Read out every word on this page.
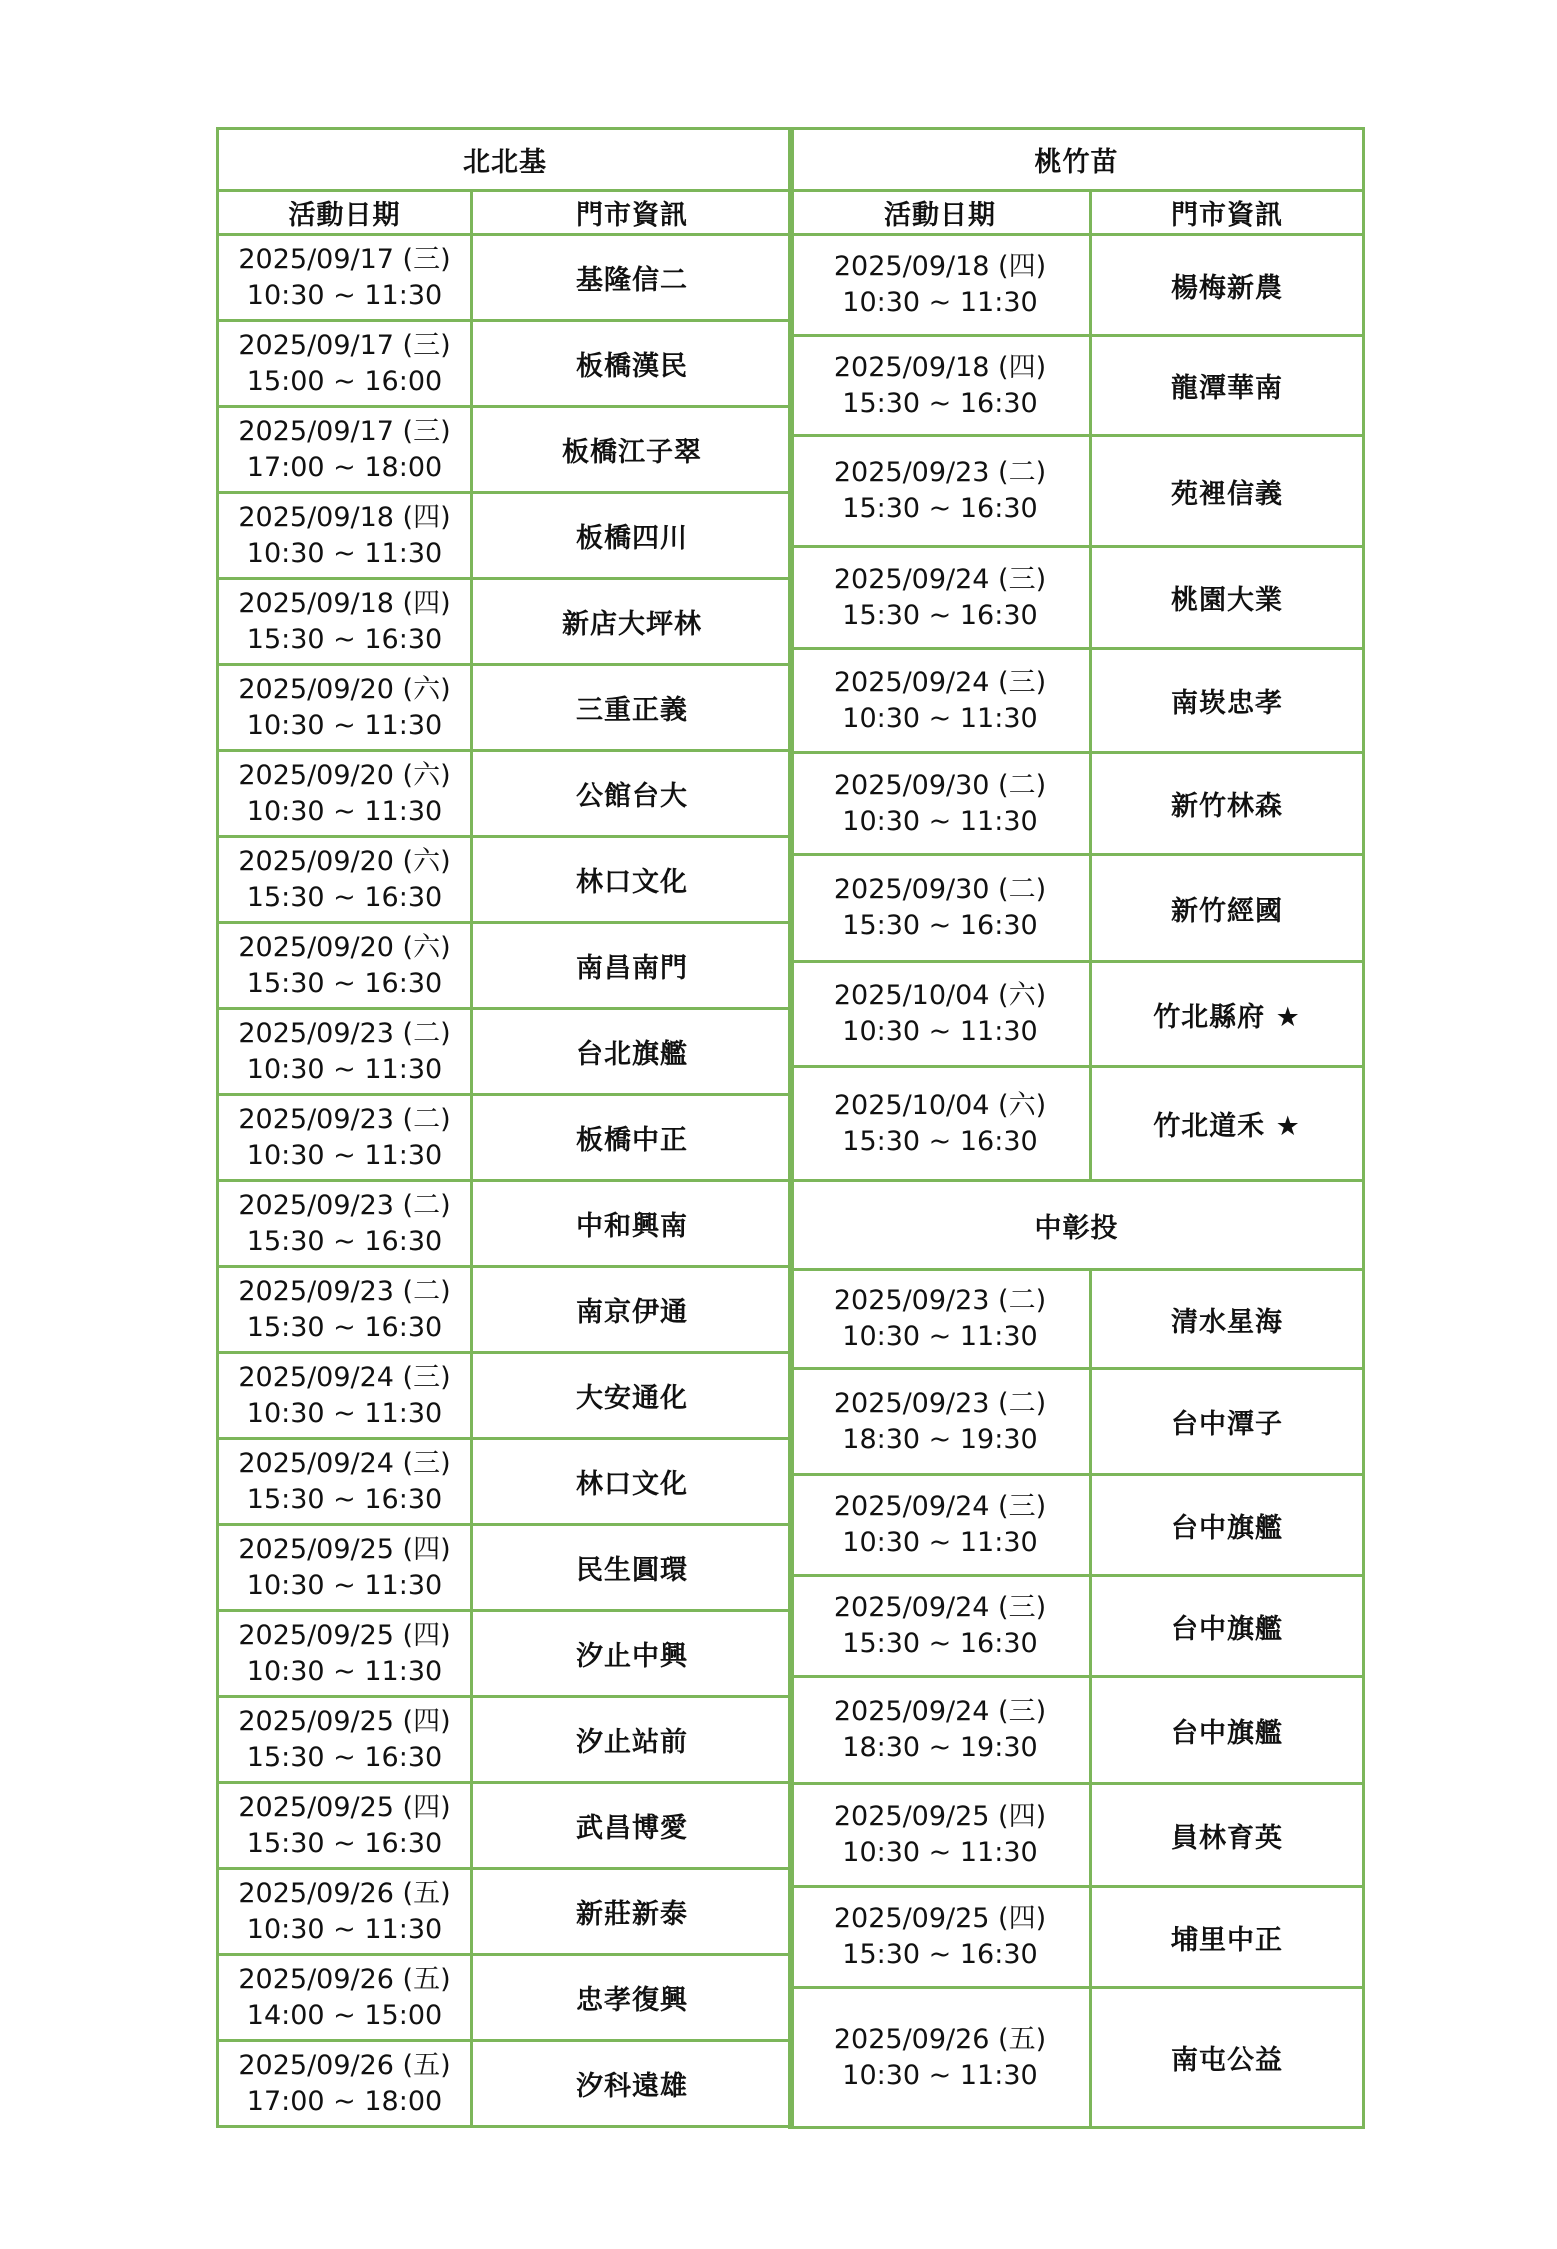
北北基	
活動日期	門市資訊

2025/09/17 (三)
10:30 ~ 11:30	基隆信二

2025/09/17 (三)
15:00 ~ 16:00	板橋漢民

2025/09/17 (三)
17:00 ~ 18:00	板橋江子翠

2025/09/18 (四)
10:30 ~ 11:30	板橋四川

2025/09/18 (四)
15:30 ~ 16:30	新店大坪林

2025/09/20 (六)
10:30 ~ 11:30	三重正義

2025/09/20 (六)
10:30 ~ 11:30	公館台大

2025/09/20 (六)
15:30 ~ 16:30	林口文化

2025/09/20 (六)
15:30 ~ 16:30	南昌南門

2025/09/23 (二)
10:30 ~ 11:30	台北旗艦

2025/09/23 (二)
10:30 ~ 11:30	板橋中正

2025/09/23 (二)
15:30 ~ 16:30	中和興南

2025/09/23 (二)
15:30 ~ 16:30	南京伊通

2025/09/24 (三)
10:30 ~ 11:30	大安通化

2025/09/24 (三)
15:30 ~ 16:30	林口文化

2025/09/25 (四)
10:30 ~ 11:30	民生圓環

2025/09/25 (四)
10:30 ~ 11:30	汐止中興

2025/09/25 (四)
15:30 ~ 16:30	汐止站前

2025/09/25 (四)
15:30 ~ 16:30	武昌博愛

2025/09/26 (五)
10:30 ~ 11:30	新莊新泰

2025/09/26 (五)
14:00 ~ 15:00	忠孝復興

2025/09/26 (五)
17:00 ~ 18:00	汐科遠雄
桃竹苗	
活動日期	門市資訊

2025/09/18 (四)
10:30 ~ 11:30	楊梅新農

2025/09/18 (四)
15:30 ~ 16:30	龍潭華南

2025/09/23 (二)
15:30 ~ 16:30	苑裡信義

2025/09/24 (三)
15:30 ~ 16:30	桃園大業

2025/09/24 (三)
10:30 ~ 11:30	南崁忠孝

2025/09/30 (二)
10:30 ~ 11:30	新竹林森

2025/09/30 (二)
15:30 ~ 16:30	新竹經國

2025/10/04 (六)
10:30 ~ 11:30	竹北縣府 ★

2025/10/04 (六)
15:30 ~ 16:30	竹北道禾 ★
中彰投	

2025/09/23 (二)
10:30 ~ 11:30	清水星海

2025/09/23 (二)
18:30 ~ 19:30	台中潭子

2025/09/24 (三)
10:30 ~ 11:30	台中旗艦

2025/09/24 (三)
15:30 ~ 16:30	台中旗艦

2025/09/24 (三)
18:30 ~ 19:30	台中旗艦

2025/09/25 (四)
10:30 ~ 11:30	員林育英

2025/09/25 (四)
15:30 ~ 16:30	埔里中正

2025/09/26 (五)
10:30 ~ 11:30	南屯公益
